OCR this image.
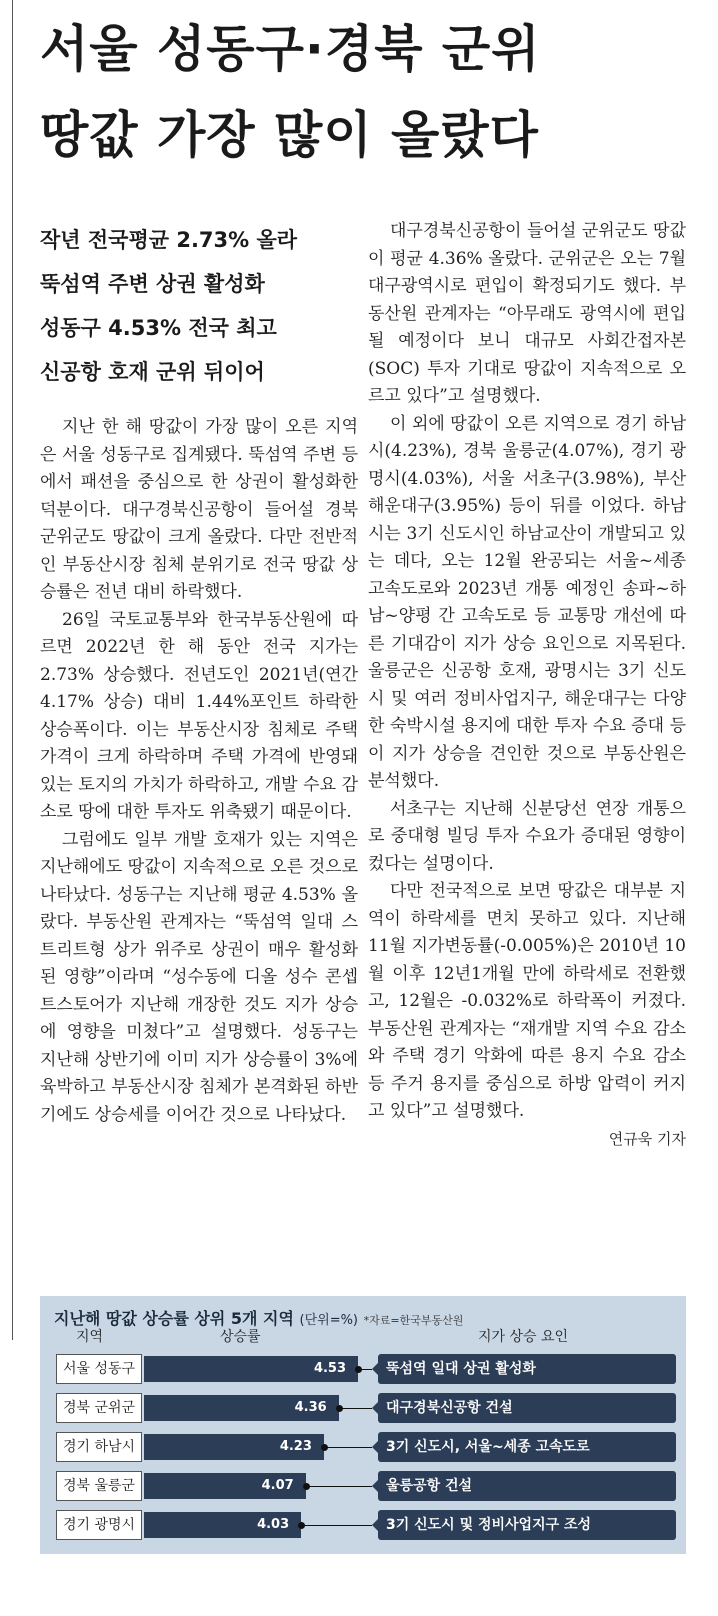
서울 성동구·경북 군위
땅값 가장 많이 올랐다
작년 전국평균 2.73% 올라
뚝섬역 주변 상권 활성화
성동구 4.53% 전국 최고
신공항 호재 군위 뒤이어

지난 한 해 땅값이 가장 많이 오른 지역은 서울 성동구로 집계됐다. 뚝섬역 주변 등에서 패션을 중심으로 한 상권이 활성화한 덕분이다. 대구경북신공항이 들어설 경북 군위군도 땅값이 크게 올랐다. 다만 전반적인 부동산시장 침체 분위기로 전국 땅값 상승률은 전년 대비 하락했다.

26일 국토교통부와 한국부동산원에 따르면 2022년 한 해 동안 전국 지가는 2.73% 상승했다. 전년도인 2021년(연간 4.17% 상승) 대비 1.44%포인트 하락한 상승폭이다. 이는 부동산시장 침체로 주택 가격이 크게 하락하며 주택 가격에 반영돼 있는 토지의 가치가 하락하고, 개발 수요 감소로 땅에 대한 투자도 위축됐기 때문이다.

그럼에도 일부 개발 호재가 있는 지역은 지난해에도 땅값이 지속적으로 오른 것으로 나타났다. 성동구는 지난해 평균 4.53% 올랐다. 부동산원 관계자는 “뚝섬역 일대 스트리트형 상가 위주로 상권이 매우 활성화된 영향”이라며 “성수동에 디올 성수 콘셉트스토어가 지난해 개장한 것도 지가 상승에 영향을 미쳤다”고 설명했다. 성동구는 지난해 상반기에 이미 지가 상승률이 3%에 육박하고 부동산시장 침체가 본격화된 하반기에도 상승세를 이어간 것으로 나타났다.

대구경북신공항이 들어설 군위군도 땅값이 평균 4.36% 올랐다. 군위군은 오는 7월 대구광역시로 편입이 확정되기도 했다. 부동산원 관계자는 “아무래도 광역시에 편입될 예정이다 보니 대규모 사회간접자본(SOC) 투자 기대로 땅값이 지속적으로 오르고 있다”고 설명했다.

이 외에 땅값이 오른 지역으로 경기 하남시(4.23%), 경북 울릉군(4.07%), 경기 광명시(4.03%), 서울 서초구(3.98%), 부산 해운대구(3.95%) 등이 뒤를 이었다. 하남시는 3기 신도시인 하남교산이 개발되고 있는 데다, 오는 12월 완공되는 서울~세종 고속도로와 2023년 개통 예정인 송파~하남~양평 간 고속도로 등 교통망 개선에 따른 기대감이 지가 상승 요인으로 지목된다. 울릉군은 신공항 호재, 광명시는 3기 신도시 및 여러 정비사업지구, 해운대구는 다양한 숙박시설 용지에 대한 투자 수요 증대 등이 지가 상승을 견인한 것으로 부동산원은 분석했다.

서초구는 지난해 신분당선 연장 개통으로 중대형 빌딩 투자 수요가 증대된 영향이 컸다는 설명이다.

다만 전국적으로 보면 땅값은 대부분 지역이 하락세를 면치 못하고 있다. 지난해 11월 지가변동률(-0.005%)은 2010년 10월 이후 12년1개월 만에 하락세로 전환했고, 12월은 -0.032%로 하락폭이 커졌다. 부동산원 관계자는 “재개발 지역 수요 감소와 주택 경기 악화에 따른 용지 수요 감소 등 주거 용지를 중심으로 하방 압력이 커지고 있다”고 설명했다.

연규욱 기자
지난해 땅값 상승률 상위 5개 지역 (단위=%) *자료=한국부동산원
지역	상승률	지가 상승 요인
서울 성동구	4.53	뚝섬역 일대 상권 활성화
경북 군위군	4.36	대구경북신공항 건설
경기 하남시	4.23	3기 신도시, 서울~세종 고속도로
경북 울릉군	4.07	울릉공항 건설
경기 광명시	4.03	3기 신도시 및 정비사업지구 조성
